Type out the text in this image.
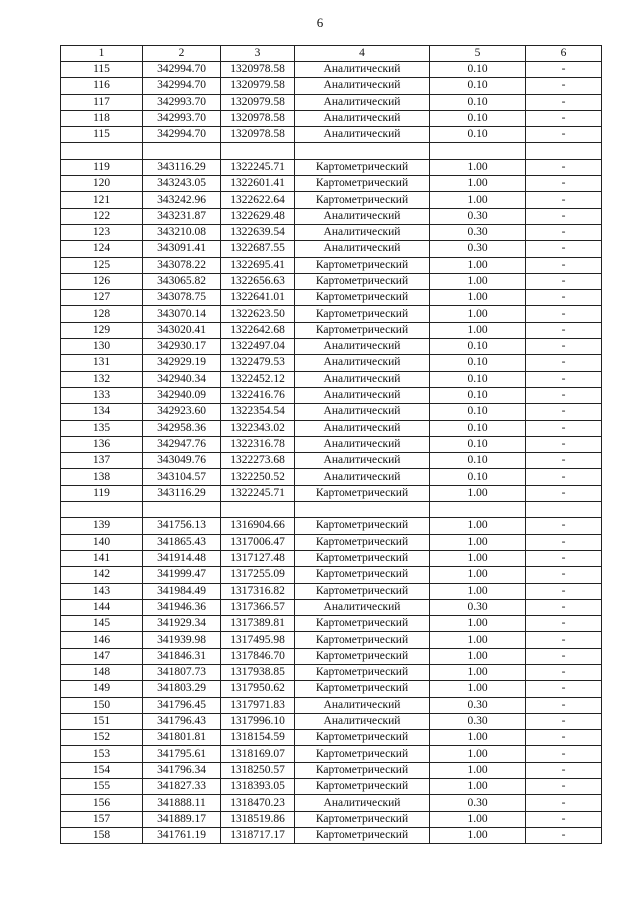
6
1	2	3	4	5	6
115	342994.70	1320978.58	Аналитический	0.10	-
116	342994.70	1320979.58	Аналитический	0.10	-
117	342993.70	1320979.58	Аналитический	0.10	-
118	342993.70	1320978.58	Аналитический	0.10	-
115	342994.70	1320978.58	Аналитический	0.10	-

119	343116.29	1322245.71	Картометрический	1.00	-
120	343243.05	1322601.41	Картометрический	1.00	-
121	343242.96	1322622.64	Картометрический	1.00	-
122	343231.87	1322629.48	Аналитический	0.30	-
123	343210.08	1322639.54	Аналитический	0.30	-
124	343091.41	1322687.55	Аналитический	0.30	-
125	343078.22	1322695.41	Картометрический	1.00	-
126	343065.82	1322656.63	Картометрический	1.00	-
127	343078.75	1322641.01	Картометрический	1.00	-
128	343070.14	1322623.50	Картометрический	1.00	-
129	343020.41	1322642.68	Картометрический	1.00	-
130	342930.17	1322497.04	Аналитический	0.10	-
131	342929.19	1322479.53	Аналитический	0.10	-
132	342940.34	1322452.12	Аналитический	0.10	-
133	342940.09	1322416.76	Аналитический	0.10	-
134	342923.60	1322354.54	Аналитический	0.10	-
135	342958.36	1322343.02	Аналитический	0.10	-
136	342947.76	1322316.78	Аналитический	0.10	-
137	343049.76	1322273.68	Аналитический	0.10	-
138	343104.57	1322250.52	Аналитический	0.10	-
119	343116.29	1322245.71	Картометрический	1.00	-

139	341756.13	1316904.66	Картометрический	1.00	-
140	341865.43	1317006.47	Картометрический	1.00	-
141	341914.48	1317127.48	Картометрический	1.00	-
142	341999.47	1317255.09	Картометрический	1.00	-
143	341984.49	1317316.82	Картометрический	1.00	-
144	341946.36	1317366.57	Аналитический	0.30	-
145	341929.34	1317389.81	Картометрический	1.00	-
146	341939.98	1317495.98	Картометрический	1.00	-
147	341846.31	1317846.70	Картометрический	1.00	-
148	341807.73	1317938.85	Картометрический	1.00	-
149	341803.29	1317950.62	Картометрический	1.00	-
150	341796.45	1317971.83	Аналитический	0.30	-
151	341796.43	1317996.10	Аналитический	0.30	-
152	341801.81	1318154.59	Картометрический	1.00	-
153	341795.61	1318169.07	Картометрический	1.00	-
154	341796.34	1318250.57	Картометрический	1.00	-
155	341827.33	1318393.05	Картометрический	1.00	-
156	341888.11	1318470.23	Аналитический	0.30	-
157	341889.17	1318519.86	Картометрический	1.00	-
158	341761.19	1318717.17	Картометрический	1.00	-
